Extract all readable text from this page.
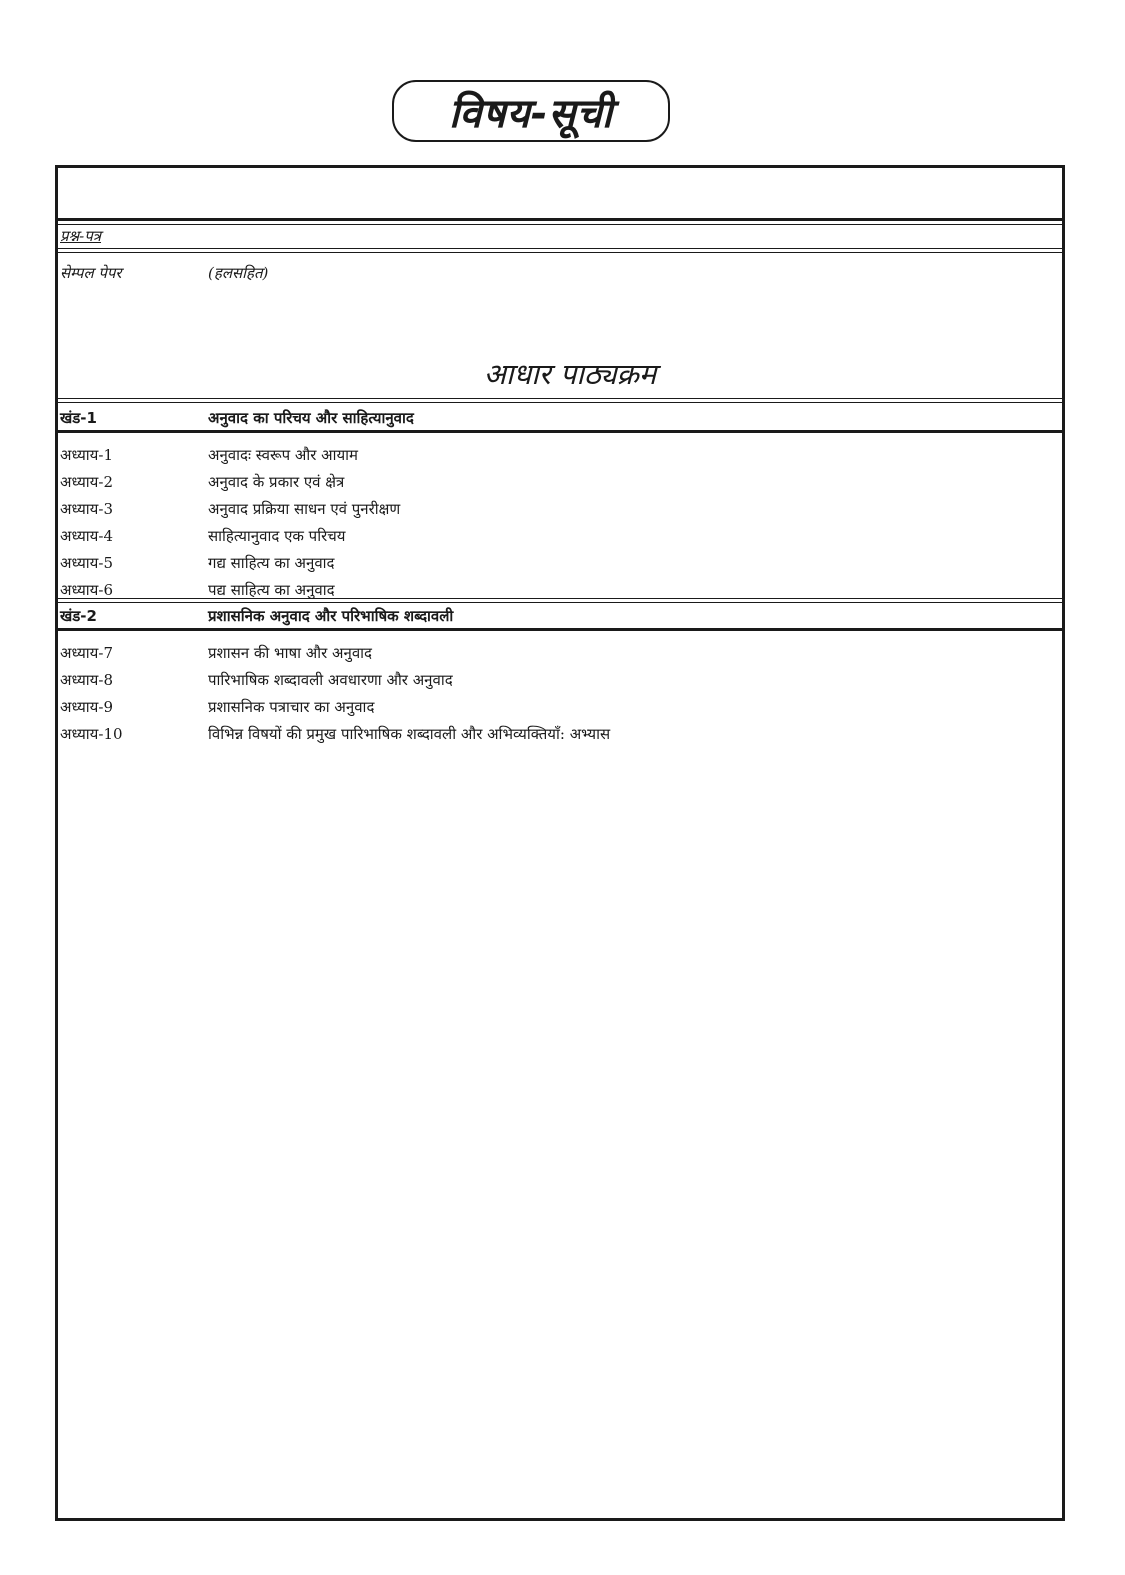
विषय-सूची
प्रश्न-पत्र
सेम्पल पेपर	(हलसहित)
आधार पाठ्यक्रम
खंड-1	अनुवाद का परिचय और साहित्यानुवाद
अध्याय-1	अनुवादः स्वरूप और आयाम
अध्याय-2	अनुवाद के प्रकार एवं क्षेत्र
अध्याय-3	अनुवाद प्रक्रिया साधन एवं पुनरीक्षण
अध्याय-4	साहित्यानुवाद एक परिचय
अध्याय-5	गद्य साहित्य का अनुवाद
अध्याय-6	पद्य साहित्य का अनुवाद
खंड-2	प्रशासनिक अनुवाद और परिभाषिक शब्दावली
अध्याय-7	प्रशासन की भाषा और अनुवाद
अध्याय-8	पारिभाषिक शब्दावली अवधारणा और अनुवाद
अध्याय-9	प्रशासनिक पत्राचार का अनुवाद
अध्याय-10	विभिन्न विषयों की प्रमुख पारिभाषिक शब्दावली और अभिव्यक्तियाँ: अभ्यास
